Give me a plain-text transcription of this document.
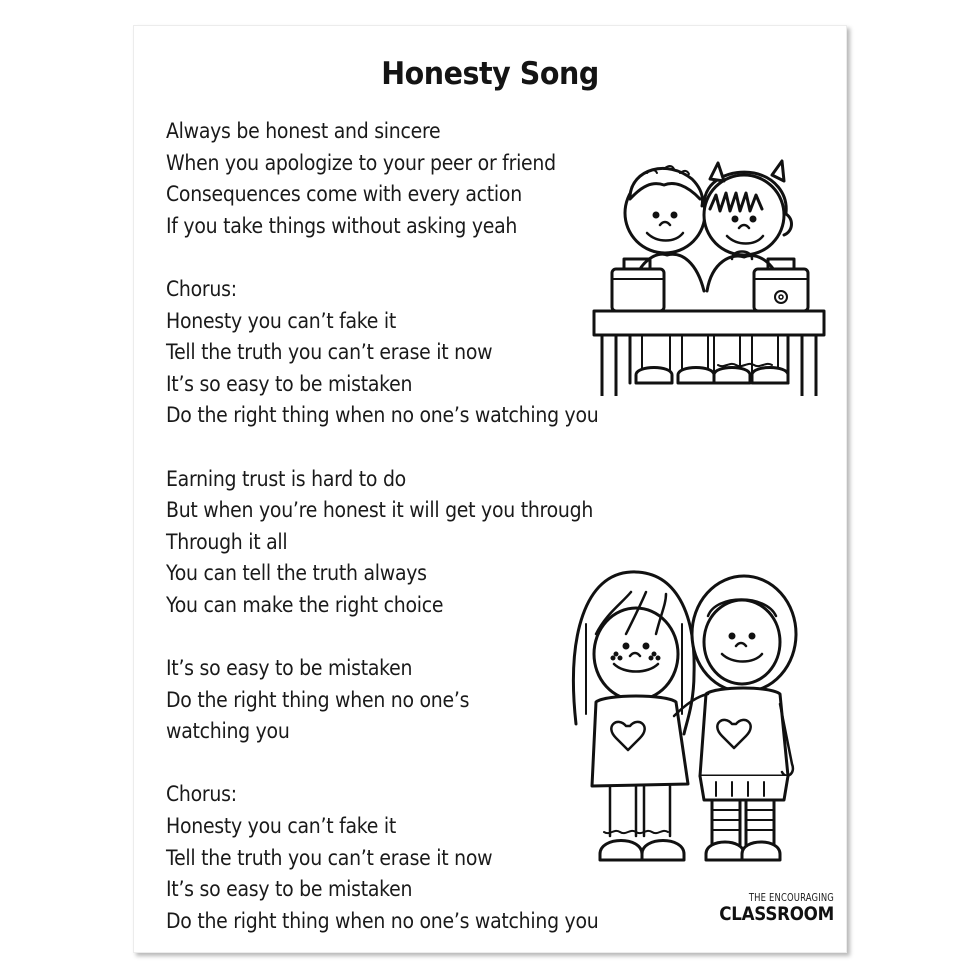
Honesty Song
Always be honest and sincere
When you apologize to your peer or friend
Consequences come with every action
If you take things without asking yeah
Chorus:
Honesty you can’t fake it
Tell the truth you can’t erase it now
It’s so easy to be mistaken
Do the right thing when no one’s watching you
Earning trust is hard to do
But when you’re honest it will get you through
Through it all
You can tell the truth always
You can make the right choice
It’s so easy to be mistaken
Do the right thing when no one’s
watching you
Chorus:
Honesty you can’t fake it
Tell the truth you can’t erase it now
It’s so easy to be mistaken
Do the right thing when no one’s watching you
THE ENCOURAGING
CLASSROOM
